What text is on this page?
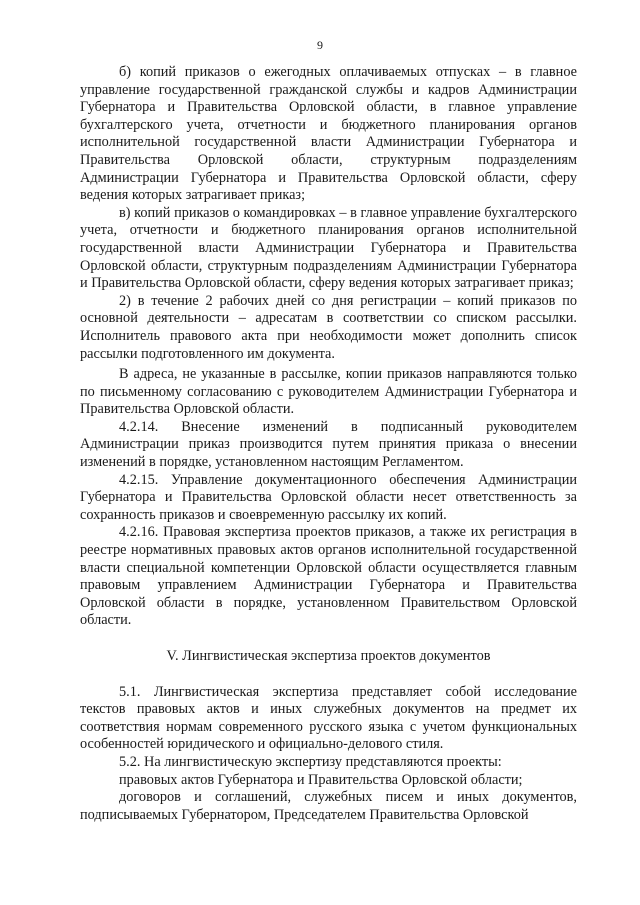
9

б) копий приказов о ежегодных оплачиваемых отпусках – в главное управление государственной гражданской службы и кадров Администрации Губернатора и Правительства Орловской области, в главное управление бухгалтерского учета, отчетности и бюджетного планирования органов исполнительной государственной власти Администрации Губернатора и Правительства Орловской области, структурным подразделениям Администрации Губернатора и Правительства Орловской области, сферу ведения которых затрагивает приказ;

в) копий приказов о командировках – в главное управление бухгалтерского учета, отчетности и бюджетного планирования органов исполнительной государственной власти Администрации Губернатора и Правительства Орловской области, структурным подразделениям Администрации Губернатора и Правительства Орловской области, сферу ведения которых затрагивает приказ;

2) в течение 2 рабочих дней со дня регистрации – копий приказов по основной деятельности – адресатам в соответствии со списком рассылки. Исполнитель правового акта при необходимости может дополнить список рассылки подготовленного им документа.

В адреса, не указанные в рассылке, копии приказов направляются только по письменному согласованию с руководителем Администрации Губернатора и Правительства Орловской области.

4.2.14. Внесение изменений в подписанный руководителем Администрации приказ производится путем принятия приказа о внесении изменений в порядке, установленном настоящим Регламентом.

4.2.15. Управление документационного обеспечения Администрации Губернатора и Правительства Орловской области несет ответственность за сохранность приказов и своевременную рассылку их копий.

4.2.16. Правовая экспертиза проектов приказов, а также их регистрация в реестре нормативных правовых актов органов исполнительной государственной власти специальной компетенции Орловской области осуществляется главным правовым управлением Администрации Губернатора и Правительства Орловской области в порядке, установленном Правительством Орловской области.

V. Лингвистическая экспертиза проектов документов

5.1. Лингвистическая экспертиза представляет собой исследование текстов правовых актов и иных служебных документов на предмет их соответствия нормам современного русского языка с учетом функциональных особенностей юридического и официально-делового стиля.

5.2. На лингвистическую экспертизу представляются проекты:

правовых актов Губернатора и Правительства Орловской области;

договоров и соглашений, служебных писем и иных документов, подписываемых Губернатором, Председателем Правительства Орловской
